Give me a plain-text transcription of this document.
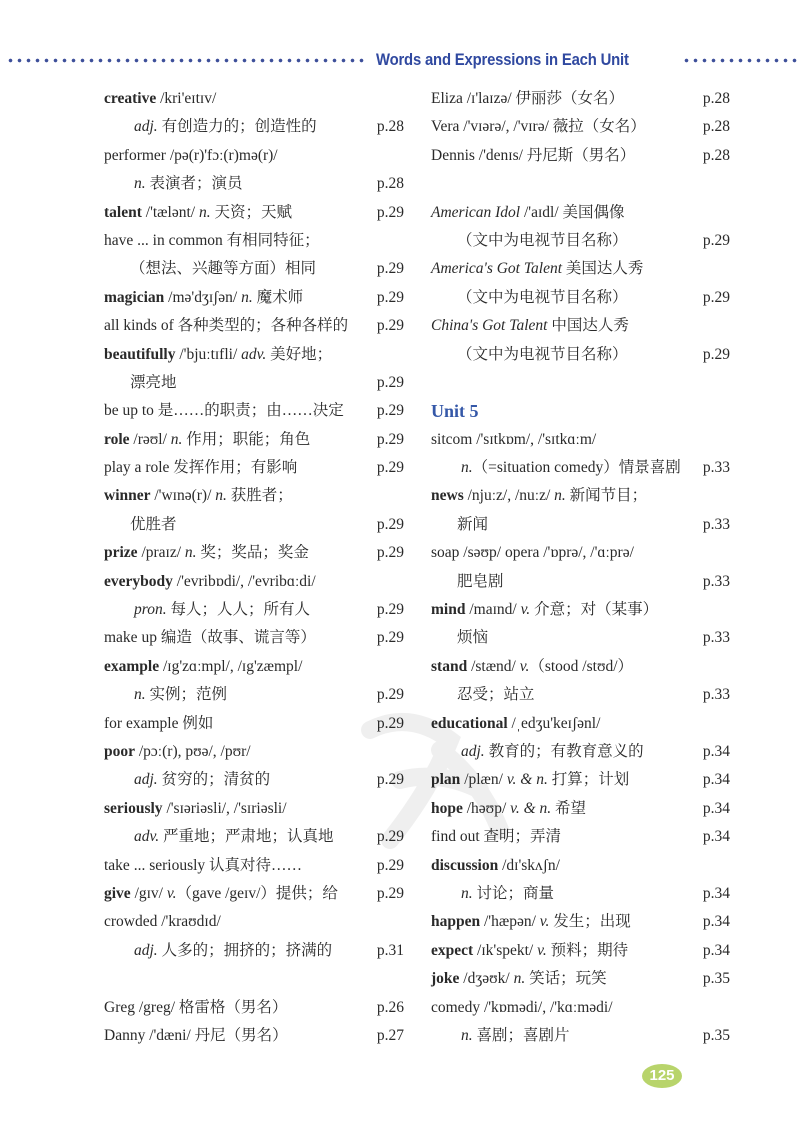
Words and Expressions in Each Unit
creative /kri'eɪtɪv/
adj. 有创造力的；创造性的	p.28
performer /pə(r)'fɔː(r)mə(r)/
n. 表演者；演员	p.28
talent /'tælənt/ n. 天资；天赋	p.29
have ... in common 有相同特征；
（想法、兴趣等方面）相同	p.29
magician /mə'dʒɪʃən/ n. 魔术师	p.29
all kinds of 各种类型的；各种各样的 p.29
beautifully /'bjuːtɪfli/ adv. 美好地；
漂亮地	p.29
be up to 是……的职责；由……决定 p.29
role /rəʊl/ n. 作用；职能；角色	p.29
play a role 发挥作用；有影响	p.29
winner /'wɪnə(r)/ n. 获胜者；
优胜者	p.29
prize /praɪz/ n. 奖；奖品；奖金	p.29
everybody /'evribɒdi/, /'evribɑːdi/
pron. 每人；人人；所有人	p.29
make up 编造（故事、谎言等）	p.29
example /ɪg'zɑːmpl/, /ɪg'zæmpl/
n. 实例；范例	p.29
for example 例如	p.29
poor /pɔː(r), pʊə/, /pʊr/
adj. 贫穷的；清贫的	p.29
seriously /'sɪəriəsli/, /'sɪriəsli/
adv. 严重地；严肃地；认真地	p.29
take ... seriously 认真对待……	p.29
give /gɪv/ v.（gave /geɪv/）提供；给	p.29
crowded /'kraʊdɪd/
adj. 人多的；拥挤的；挤满的	p.31
Greg /greg/ 格雷格（男名）	p.26
Danny /'dæni/ 丹尼（男名）	p.27
Eliza /ɪ'laɪzə/ 伊丽莎（女名）	p.28
Vera /'vɪərə/, /'vɪrə/ 薇拉（女名）	p.28
Dennis /'denɪs/ 丹尼斯（男名）	p.28
American Idol /'aɪdl/ 美国偶像
（文中为电视节目名称）	p.29
America's Got Talent 美国达人秀
（文中为电视节目名称）	p.29
China's Got Talent 中国达人秀
（文中为电视节目名称）	p.29
Unit 5
sitcom /'sɪtkɒm/, /'sɪtkɑːm/
n.（=situation comedy）情景喜剧 p.33
news /njuːz/, /nuːz/ n. 新闻节目；
新闻	p.33
soap /səʊp/ opera /'ɒprə/, /'ɑːprə/
肥皂剧	p.33
mind /maɪnd/ v. 介意；对（某事）
烦恼	p.33
stand /stænd/ v.（stood /stʊd/）
忍受；站立	p.33
educational /ˌedʒu'keɪʃənl/
adj. 教育的；有教育意义的	p.34
plan /plæn/ v. & n. 打算；计划	p.34
hope /həʊp/ v. & n. 希望	p.34
find out 查明；弄清	p.34
discussion /dɪ'skʌʃn/
n. 讨论；商量	p.34
happen /'hæpən/ v. 发生；出现	p.34
expect /ɪk'spekt/ v. 预料；期待	p.34
joke /dʒəʊk/ n. 笑话；玩笑	p.35
comedy /'kɒmədi/, /'kɑːmədi/
n. 喜剧；喜剧片	p.35
125
